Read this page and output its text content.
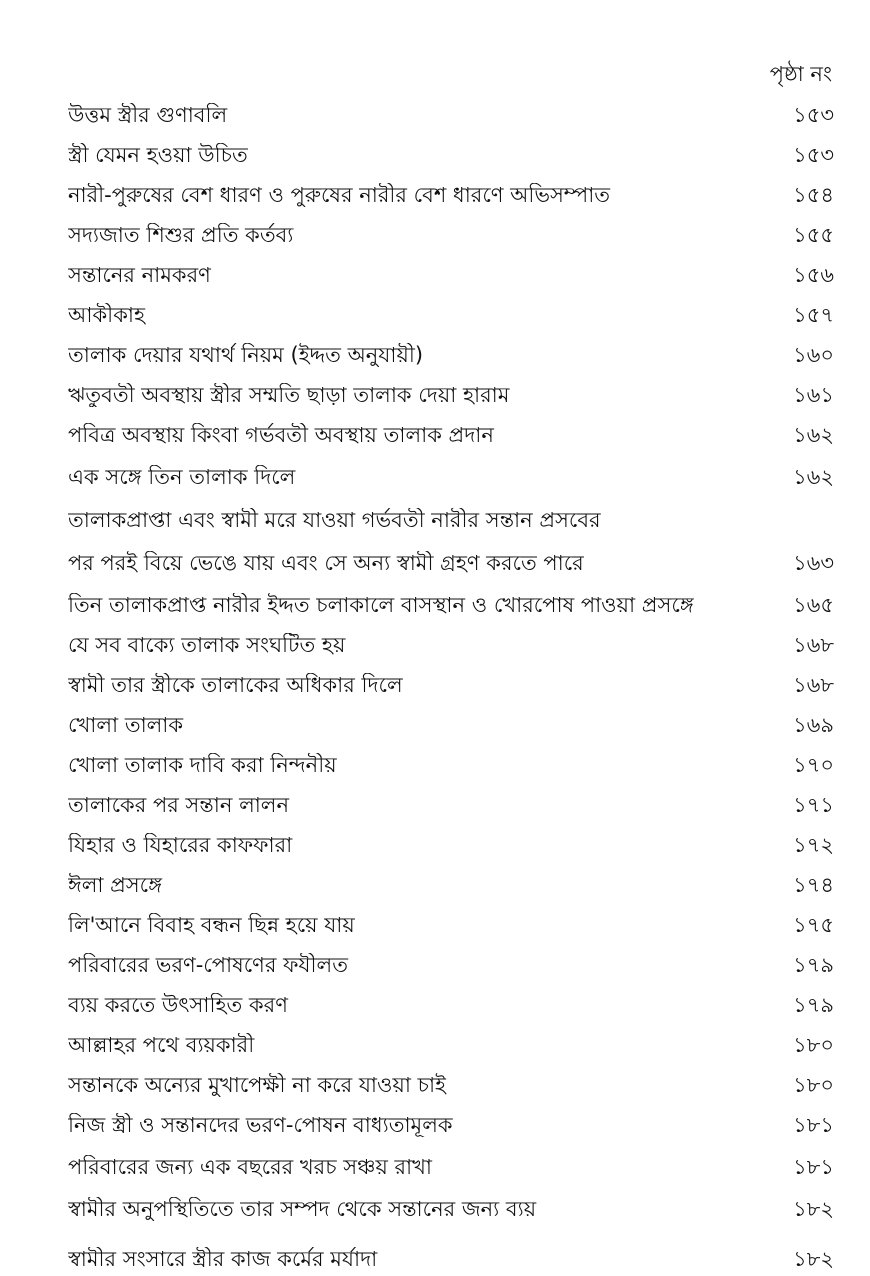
পৃষ্ঠা নং
উত্তম স্ত্রীর গুণাবলি	১৫৩
স্ত্রী যেমন হওয়া উচিত	১৫৩
নারী-পুরুষের বেশ ধারণ ও পুরুষের নারীর বেশ ধারণে অভিসম্পাত	১৫৪
সদ্যজাত শিশুর প্রতি কর্তব্য	১৫৫
সন্তানের নামকরণ	১৫৬
আকীকাহ	১৫৭
তালাক দেয়ার যথার্থ নিয়ম (ইদ্দত অনুযায়ী)	১৬০
ঋতুবতী অবস্থায় স্ত্রীর সম্মতি ছাড়া তালাক দেয়া হারাম	১৬১
পবিত্র অবস্থায় কিংবা গর্ভবতী অবস্থায় তালাক প্রদান	১৬২
এক সঙ্গে তিন তালাক দিলে	১৬২
তালাকপ্রাপ্তা এবং স্বামী মরে যাওয়া গর্ভবতী নারীর সন্তান প্রসবের
পর পরই বিয়ে ভেঙে যায় এবং সে অন্য স্বামী গ্রহণ করতে পারে	১৬৩
তিন তালাকপ্রাপ্ত নারীর ইদ্দত চলাকালে বাসস্থান ও খোরপোষ পাওয়া প্রসঙ্গে	১৬৫
যে সব বাক্যে তালাক সংঘটিত হয়	১৬৮
স্বামী তার স্ত্রীকে তালাকের অধিকার দিলে	১৬৮
খোলা তালাক	১৬৯
খোলা তালাক দাবি করা নিন্দনীয়	১৭০
তালাকের পর সন্তান লালন	১৭১
যিহার ও যিহারের কাফফারা	১৭২
ঈলা প্রসঙ্গে	১৭৪
লি'আনে বিবাহ বন্ধন ছিন্ন হয়ে যায়	১৭৫
পরিবারের ভরণ-পোষণের ফযীলত	১৭৯
ব্যয় করতে উৎসাহিত করণ	১৭৯
আল্লাহর পথে ব্যয়কারী	১৮০
সন্তানকে অন্যের মুখাপেক্ষী না করে যাওয়া চাই	১৮০
নিজ স্ত্রী ও সন্তানদের ভরণ-পোষন বাধ্যতামূলক	১৮১
পরিবারের জন্য এক বছরের খরচ সঞ্চয় রাখা	১৮১
স্বামীর অনুপস্থিতিতে তার সম্পদ থেকে সন্তানের জন্য ব্যয়	১৮২
স্বামীর সংসারে স্ত্রীর কাজ কর্মের মর্যাদা	১৮২
